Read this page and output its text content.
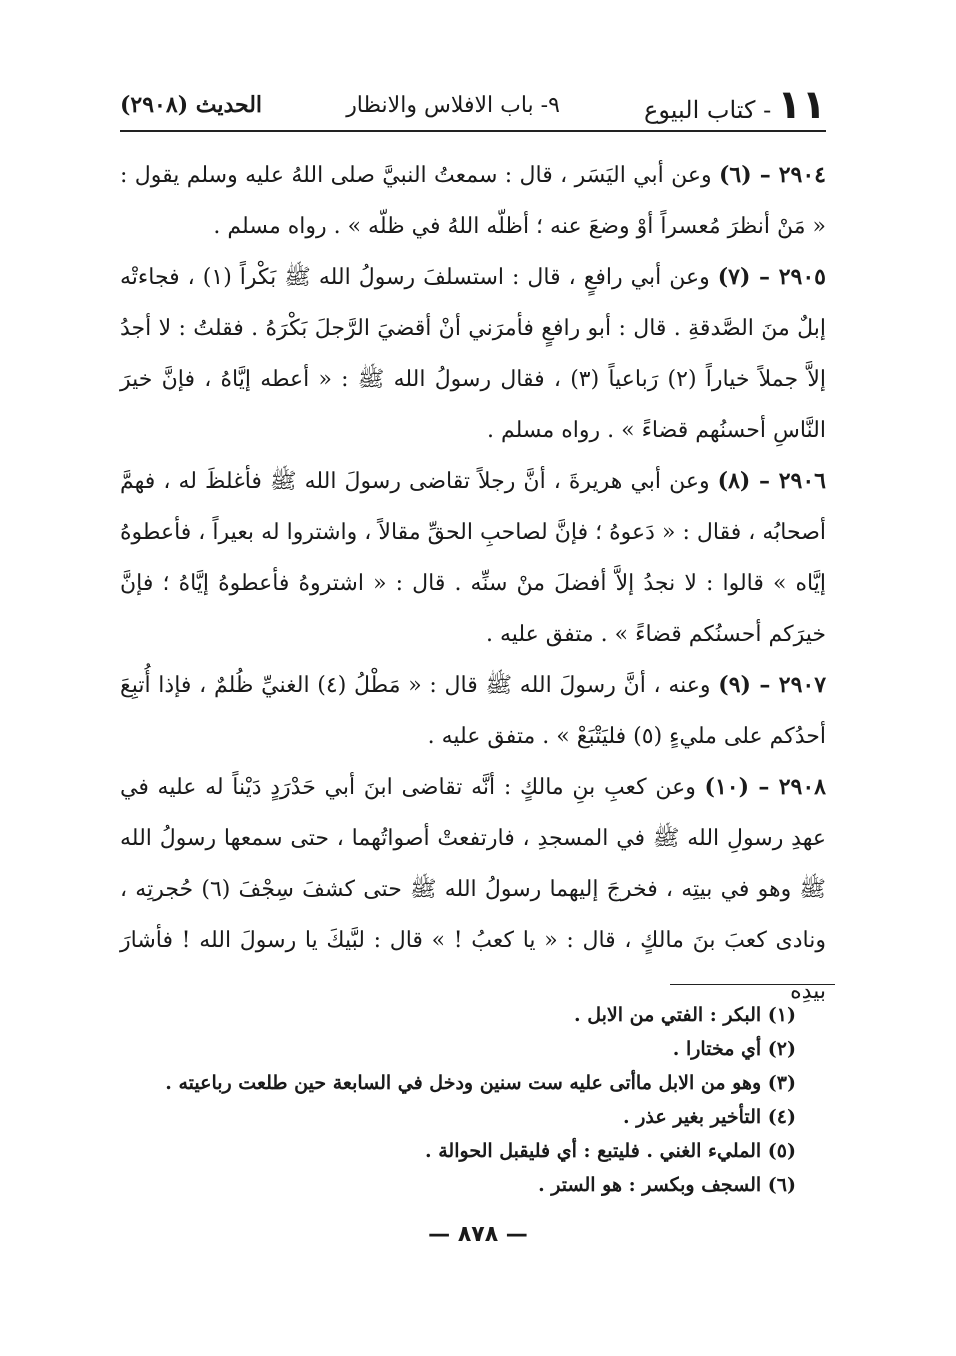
١١
- كتاب البيوع
٩- باب الافلاس والانظار
الحديث (٢٩٠٨)

٢٩٠٤ – (٦) وعن أبي اليَسَر ، قال : سمعتُ النبيَّ صلى اللهُ عليه وسلم يقول : « مَنْ أنظرَ مُعسراً أوْ وضعَ عنه ؛ أظلّه اللهُ في ظلّه » . رواه مسلم .

٢٩٠٥ – (٧) وعن أبي رافعٍ ، قال : استسلفَ رسولُ الله ﷺ بَكْراً (١) ، فجاءتْه إبلٌ منَ الصَّدقةِ . قال : أبو رافعٍ فأمرَني أنْ أقضيَ الرَّجلَ بَكْرَهُ . فقلتُ : لا أجدُ إلاَّ جملاً خياراً (٢) رَباعياً (٣) ، فقال رسولُ الله ﷺ : « أعطه إيَّاهُ ، فإنَّ خيرَ النَّاسِ أحسنُهم قضاءً » . رواه مسلم .

٢٩٠٦ – (٨) وعن أبي هريرةَ ، أنَّ رجلاً تقاضى رسولَ الله ﷺ فأغلظَ له ، فهمَّ أصحابُه ، فقال : « دَعوهُ ؛ فإنَّ لصاحبِ الحقِّ مقالاً ، واشتروا له بعيراً ، فأعطوهُ إيَّاه » قالوا : لا نجدُ إلاَّ أفضلَ منْ سنِّه . قال : « اشتروهُ فأعطوهُ إيَّاهُ ؛ فإنَّ خيرَكم أحسنُكم قضاءً » . متفق عليه .

٢٩٠٧ – (٩) وعنه ، أنَّ رسولَ الله ﷺ قال : « مَطْلُ (٤) الغنيِّ ظُلمٌ ، فإذا أُتبِعَ أحدُكم على مليءٍ (٥) فليَتْبَعْ » . متفق عليه .

٢٩٠٨ – (١٠) وعن كعبِ بنِ مالكٍ : أنَّه تقاضى ابنَ أبي حَدْرَدٍ دَيْناً له عليه في عهدِ رسولِ الله ﷺ في المسجدِ ، فارتفعتْ أصواتُهما ، حتى سمعها رسولُ الله ﷺ وهو في بيتِه ، فخرجَ إليهما رسولُ الله ﷺ حتى كشفَ سِجْفَ (٦) حُجرتِه ، ونادى كعبَ بنَ مالكٍ ، قال : « يا كعبُ ! » قال : لبَّيكَ يا رسولَ الله ! فأشارَ بيدِه

(١) البكر : الفتي من الابل .

(٢) أي مختارا .

(٣) وهو من الابل ماأتى عليه ست سنين ودخل في السابعة حين طلعت رباعيته .

(٤) التأخير بغير عذر .

(٥) المليء الغني . فليتبع : أي فليقبل الحوالة .

(٦) السجف وبكسر : هو الستر .

— ٨٧٨ —
